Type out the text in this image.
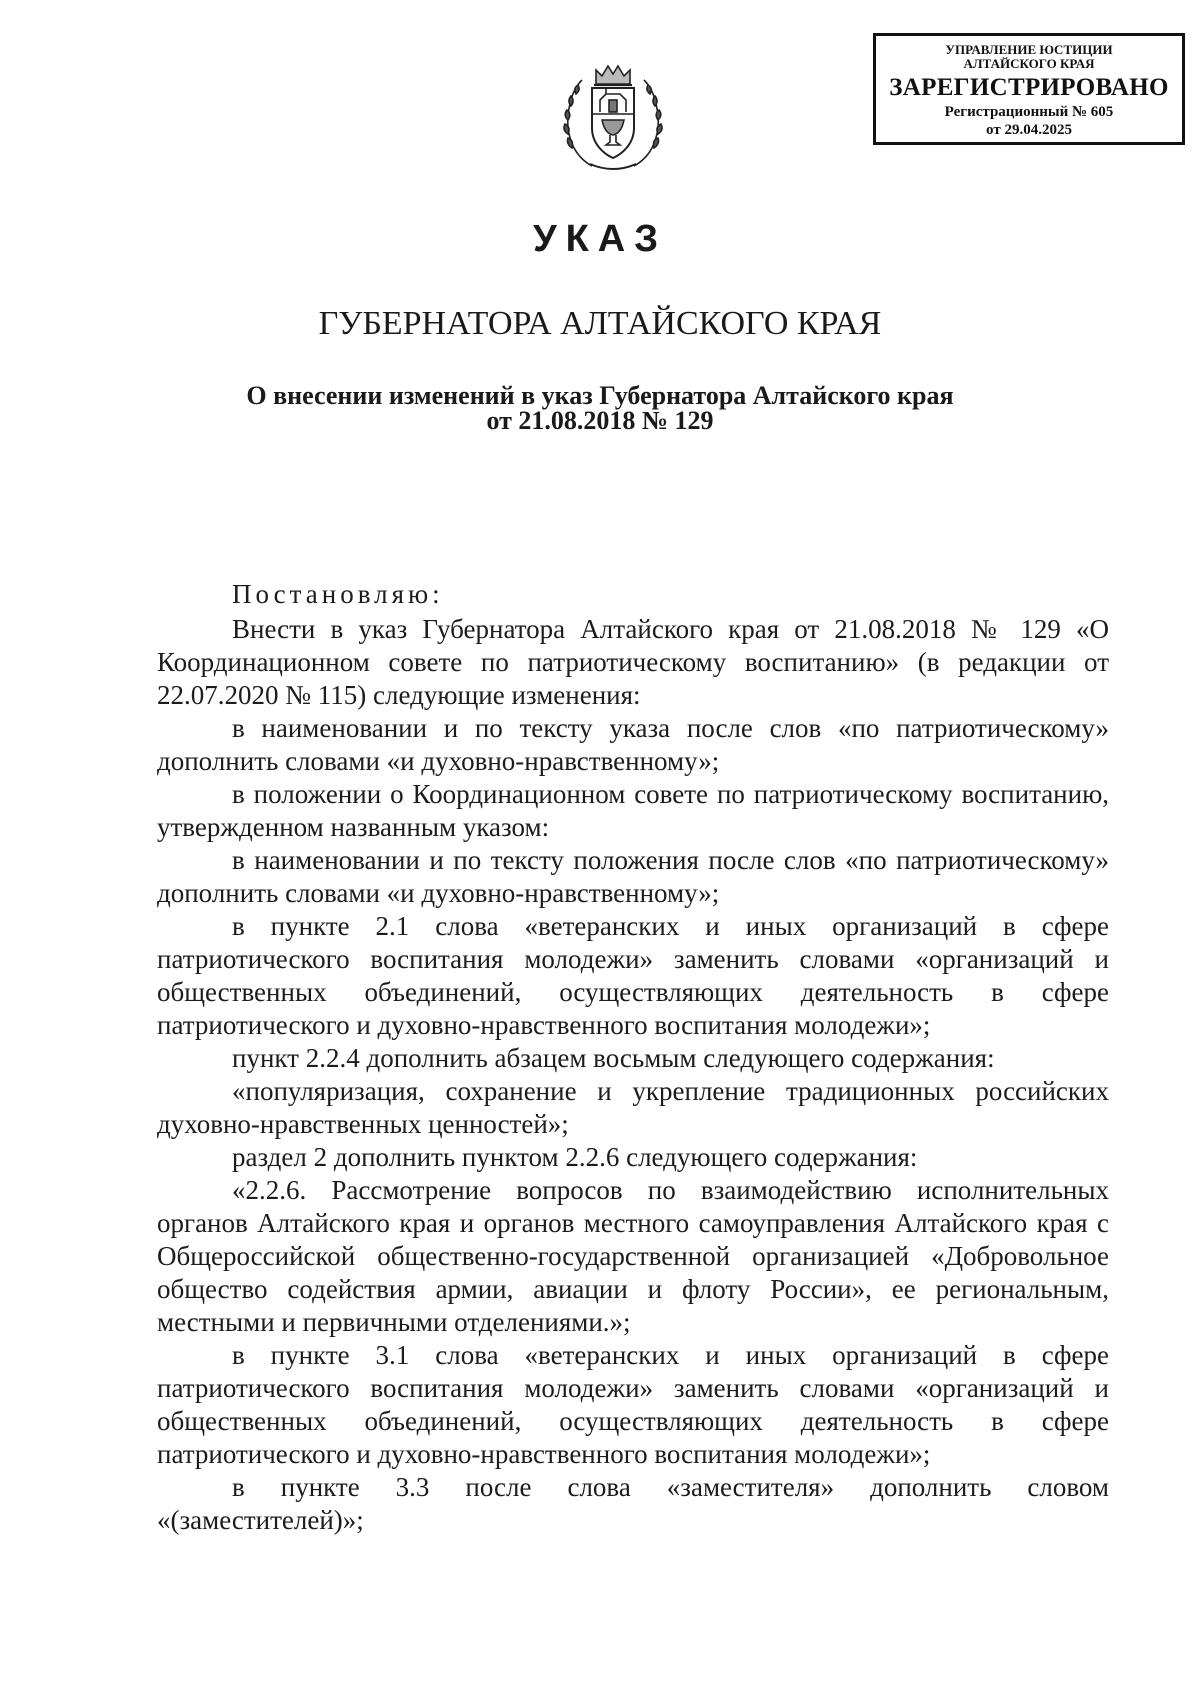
УПРАВЛЕНИЕ ЮСТИЦИИ
АЛТАЙСКОГО КРАЯ
ЗАРЕГИСТРИРОВАНО
Регистрационный № 605
от 29.04.2025
УКАЗ
ГУБЕРНАТОРА АЛТАЙСКОГО КРАЯ
О внесении изменений в указ Губернатора Алтайского края
от 21.08.2018 № 129

Постановляю:

Внести в указ Губернатора Алтайского края от 21.08.2018 № 129 «О Координационном совете по патриотическому воспитанию» (в редакции от 22.07.2020 № 115) следующие изменения:

в наименовании и по тексту указа после слов «по патриотическому» дополнить словами «и духовно-нравственному»;

в положении о Координационном совете по патриотическому воспитанию, утвержденном названным указом:

в наименовании и по тексту положения после слов «по патриотическому» дополнить словами «и духовно-нравственному»;

в пункте 2.1 слова «ветеранских и иных организаций в сфере патриотического воспитания молодежи» заменить словами «организаций и общественных объединений, осуществляющих деятельность в сфере патриотического и духовно-нравственного воспитания молодежи»;

пункт 2.2.4 дополнить абзацем восьмым следующего содержания:

«популяризация, сохранение и укрепление традиционных российских духовно-нравственных ценностей»;

раздел 2 дополнить пунктом 2.2.6 следующего содержания:

«2.2.6. Рассмотрение вопросов по взаимодействию исполнительных органов Алтайского края и органов местного самоуправления Алтайского края с Общероссийской общественно-государственной организацией «Добровольное общество содействия армии, авиации и флоту России», ее региональным, местными и первичными отделениями.»;

в пункте 3.1 слова «ветеранских и иных организаций в сфере патриотического воспитания молодежи» заменить словами «организаций и общественных объединений, осуществляющих деятельность в сфере патриотического и духовно-нравственного воспитания молодежи»;

в пункте 3.3 после слова «заместителя» дополнить словом «(заместителей)»;
